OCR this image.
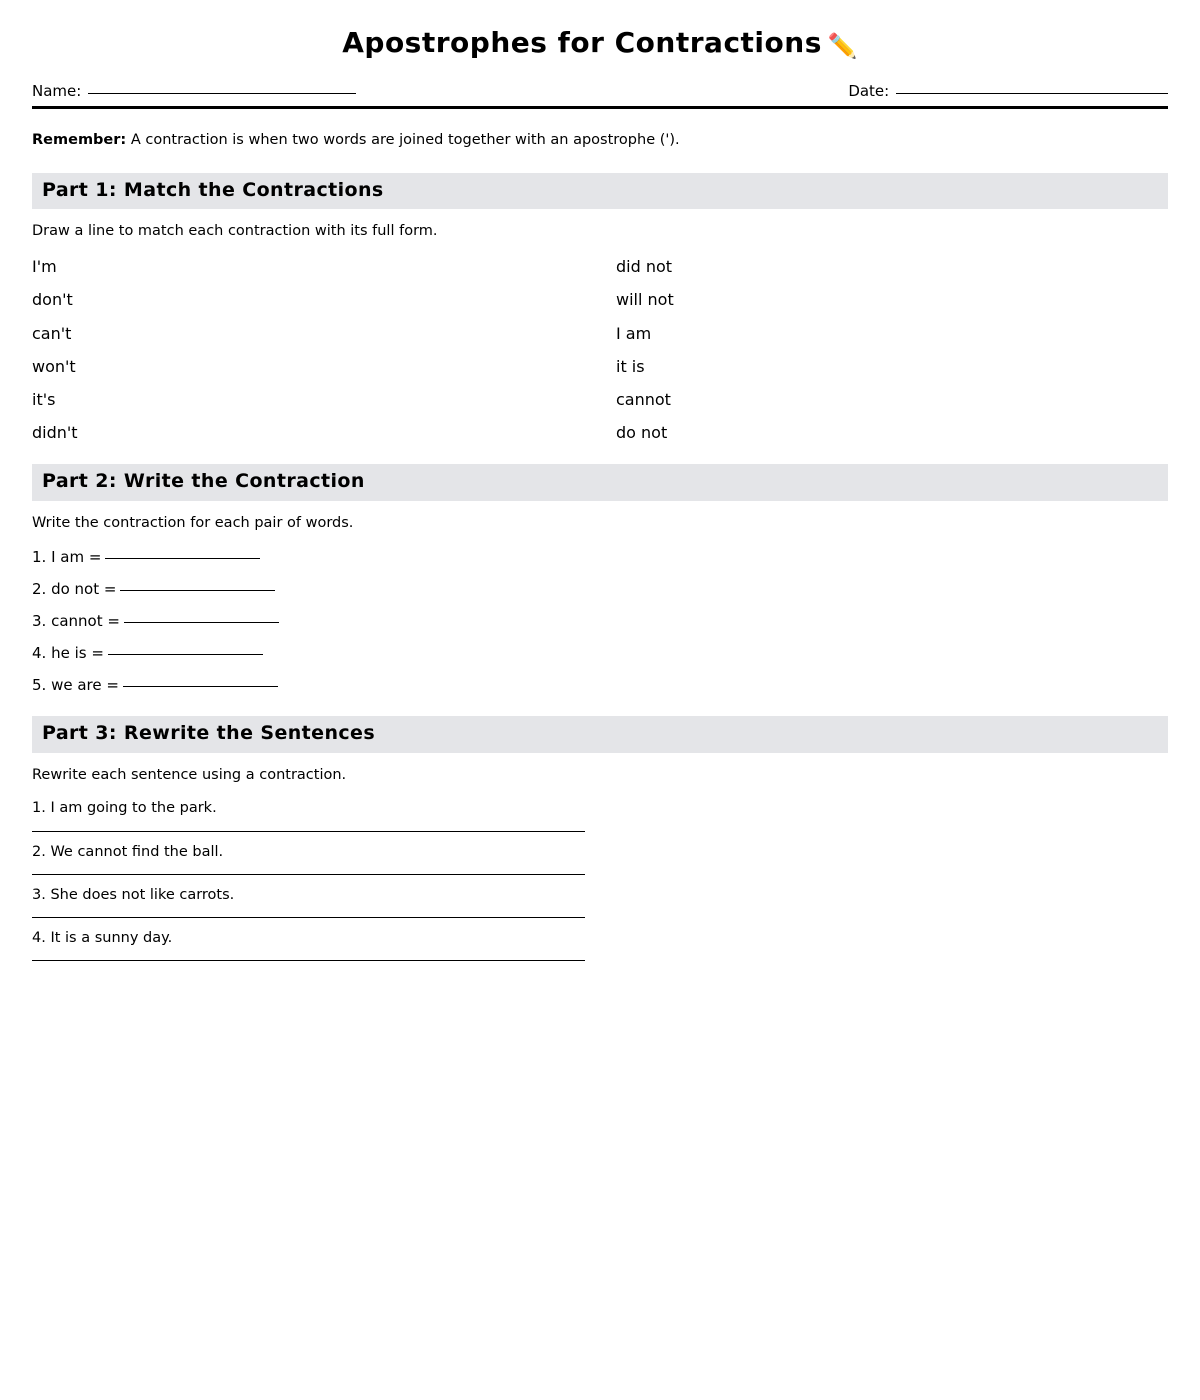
Apostrophes for Contractions ✏️
Name:	Date:
Remember: A contraction is when two words are joined together with an apostrophe (').
Part 1: Match the Contractions
Draw a line to match each contraction with its full form.
I'm	did not
don't	will not
can't	I am
won't	it is
it's	cannot
didn't	do not
Part 2: Write the Contraction
Write the contraction for each pair of words.
1. I am =
2. do not =
3. cannot =
4. he is =
5. we are =
Part 3: Rewrite the Sentences
Rewrite each sentence using a contraction.
1. I am going to the park.
2. We cannot find the ball.
3. She does not like carrots.
4. It is a sunny day.
